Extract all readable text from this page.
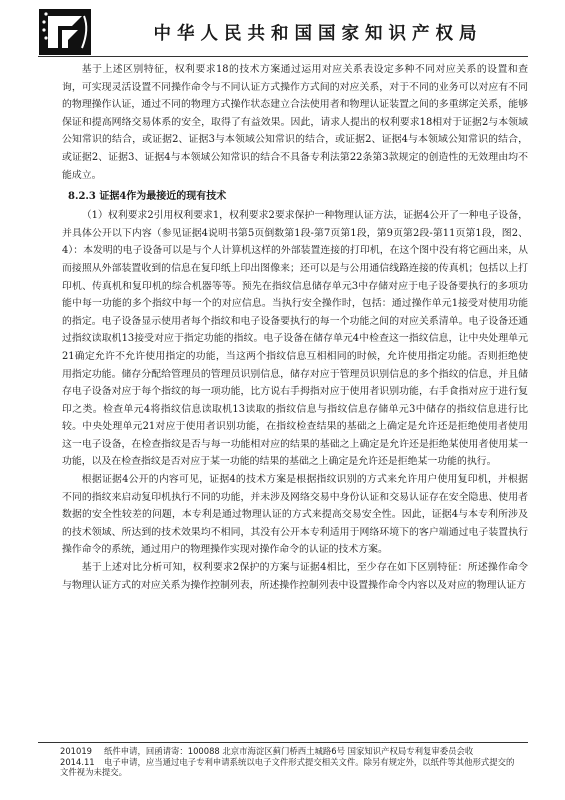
中华人民共和国国家知识产权局

基于上述区别特征，权利要求18的技术方案通过运用对应关系表设定多种不同对应关系的设置和查询，可实现灵活设置不同操作命令与不同认证方式操作方式间的对应关系，对于不同的业务可以对应有不同的物理操作认证，通过不同的物理方式操作状态建立合法使用者和物理认证装置之间的多重绑定关系，能够保证和提高网络交易体系的安全，取得了有益效果。因此，请求人提出的权利要求18相对于证据2与本领域公知常识的结合，或证据2、证据3与本领域公知常识的结合，或证据2、证据4与本领域公知常识的结合，或证据2、证据3、证据4与本领域公知常识的结合不具备专利法第22条第3款规定的创造性的无效理由均不能成立。

8.2.3 证据4作为最接近的现有技术

（1）权利要求2引用权利要求1，权利要求2要求保护一种物理认证方法，证据4公开了一种电子设备，并具体公开以下内容（参见证据4说明书第5页倒数第1段-第7页第1段，第9页第2段-第11页第1段，图2、4）：本发明的电子设备可以是与个人计算机这样的外部装置连接的打印机，在这个图中没有将它画出来，从而接照从外部装置收到的信息在复印纸上印出图像来；还可以是与公用通信线路连接的传真机；包括以上打印机、传真机和复印机的综合机器等等。预先在指纹信息储存单元3中存储对应于电子设备要执行的多项功能中每一功能的多个指纹中每一个的对应信息。当执行安全操作时，包括：通过操作单元1接受对使用功能的指定。电子设备显示使用者每个指纹和电子设备要执行的每一个功能之间的对应关系清单。电子设备还通过指纹读取机13接受对应于指定功能的指纹。电子设备在储存单元4中检查这一指纹信息，让中央处理单元21确定允许不允许使用指定的功能，当这两个指纹信息互相相同的时候，允许使用指定功能。否则拒绝使用指定功能。储存分配给管理员的管理员识别信息，储存对应于管理员识别信息的多个指纹的信息，并且储存电子设备对应于每个指纹的每一项功能，比方说右手拇指对应于使用者识别功能，右手食指对应于进行复印之类。检查单元4将指纹信息读取机13读取的指纹信息与指纹信息存储单元3中储存的指纹信息进行比较。中央处理单元21对应于使用者识别功能，在指纹检查结果的基础之上确定是允许还是拒绝使用者使用这一电子设备，在检查指纹是否与每一功能相对应的结果的基础之上确定是允许还是拒绝某使用者使用某一功能，以及在检查指纹是否对应于某一功能的结果的基础之上确定是允许还是拒绝某一功能的执行。

根据证据4公开的内容可见，证据4的技术方案是根据指纹识别的方式来允许用户使用复印机，并根据不同的指纹来启动复印机执行不同的功能，并未涉及网络交易中身份认证和交易认证存在安全隐患、使用者数据的安全性较差的问题，本专利是通过物理认证的方式来提高交易安全性。因此，证据4与本专利所涉及的技术领域、所达到的技术效果均不相同，其没有公开本专利适用于网络环境下的客户端通过电子装置执行操作命令的系统，通过用户的物理操作实现对操作命令的认证的技术方案。

基于上述对比分析可知，权利要求2保护的方案与证据4相比，至少存在如下区别特征：所述操作命令与物理认证方式的对应关系为操作控制列表，所述操作控制列表中设置操作命令内容以及对应的物理认证方

201019	纸件申请，回函请寄：100088 北京市海淀区蓟门桥西土城路6号 国家知识产权局专利复审委员会收
2014.11	电子申请，应当通过电子专利申请系统以电子文件形式提交相关文件。除另有规定外，以纸件等其他形式提交的
文件视为未提交。
